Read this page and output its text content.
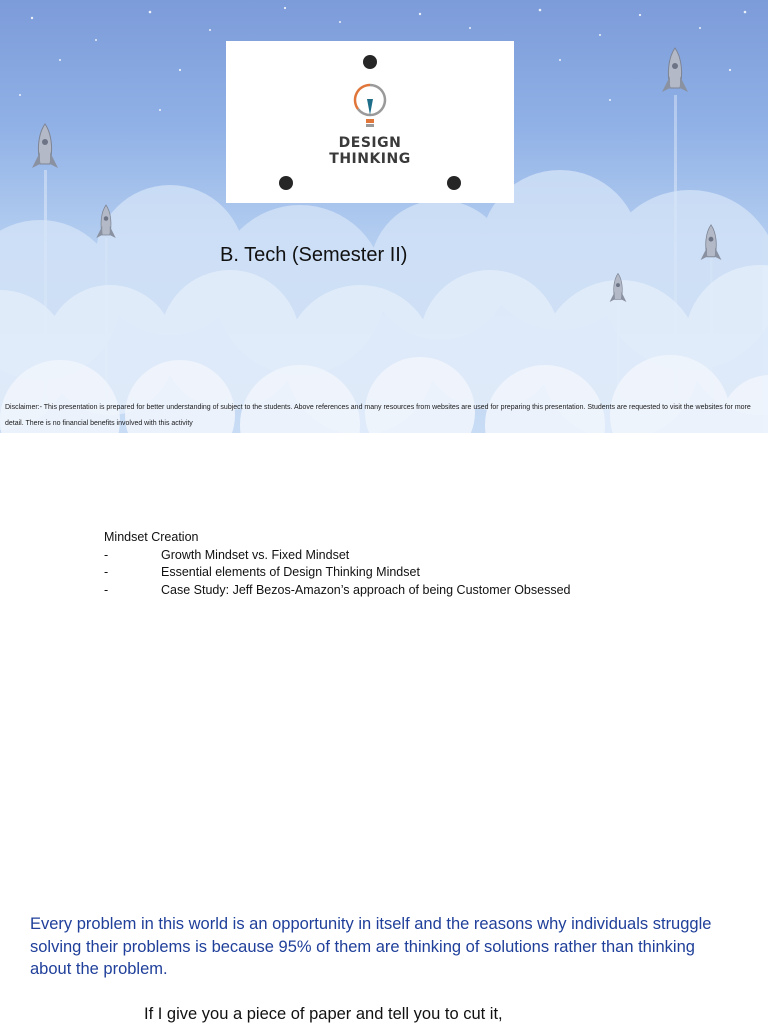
DESIGN
THINKING
B. Tech (Semester II)
Disclaimer:- This presentation is prepared for better understanding of subject to the students. Above references and many resources from websites are used for preparing this presentation. Students are requested to visit the websites for more detail. There is no financial benefits involved with this activity
Mindset Creation
-	Growth Mindset vs. Fixed Mindset
-	Essential elements of Design Thinking Mindset
-	Case Study: Jeff Bezos-Amazon’s approach of being Customer Obsessed
Every problem in this world is an opportunity in itself and the reasons why individuals struggle solving their problems is because 95% of them are thinking of solutions rather than thinking about the problem.
If I give you a piece of paper and tell you to cut it,
